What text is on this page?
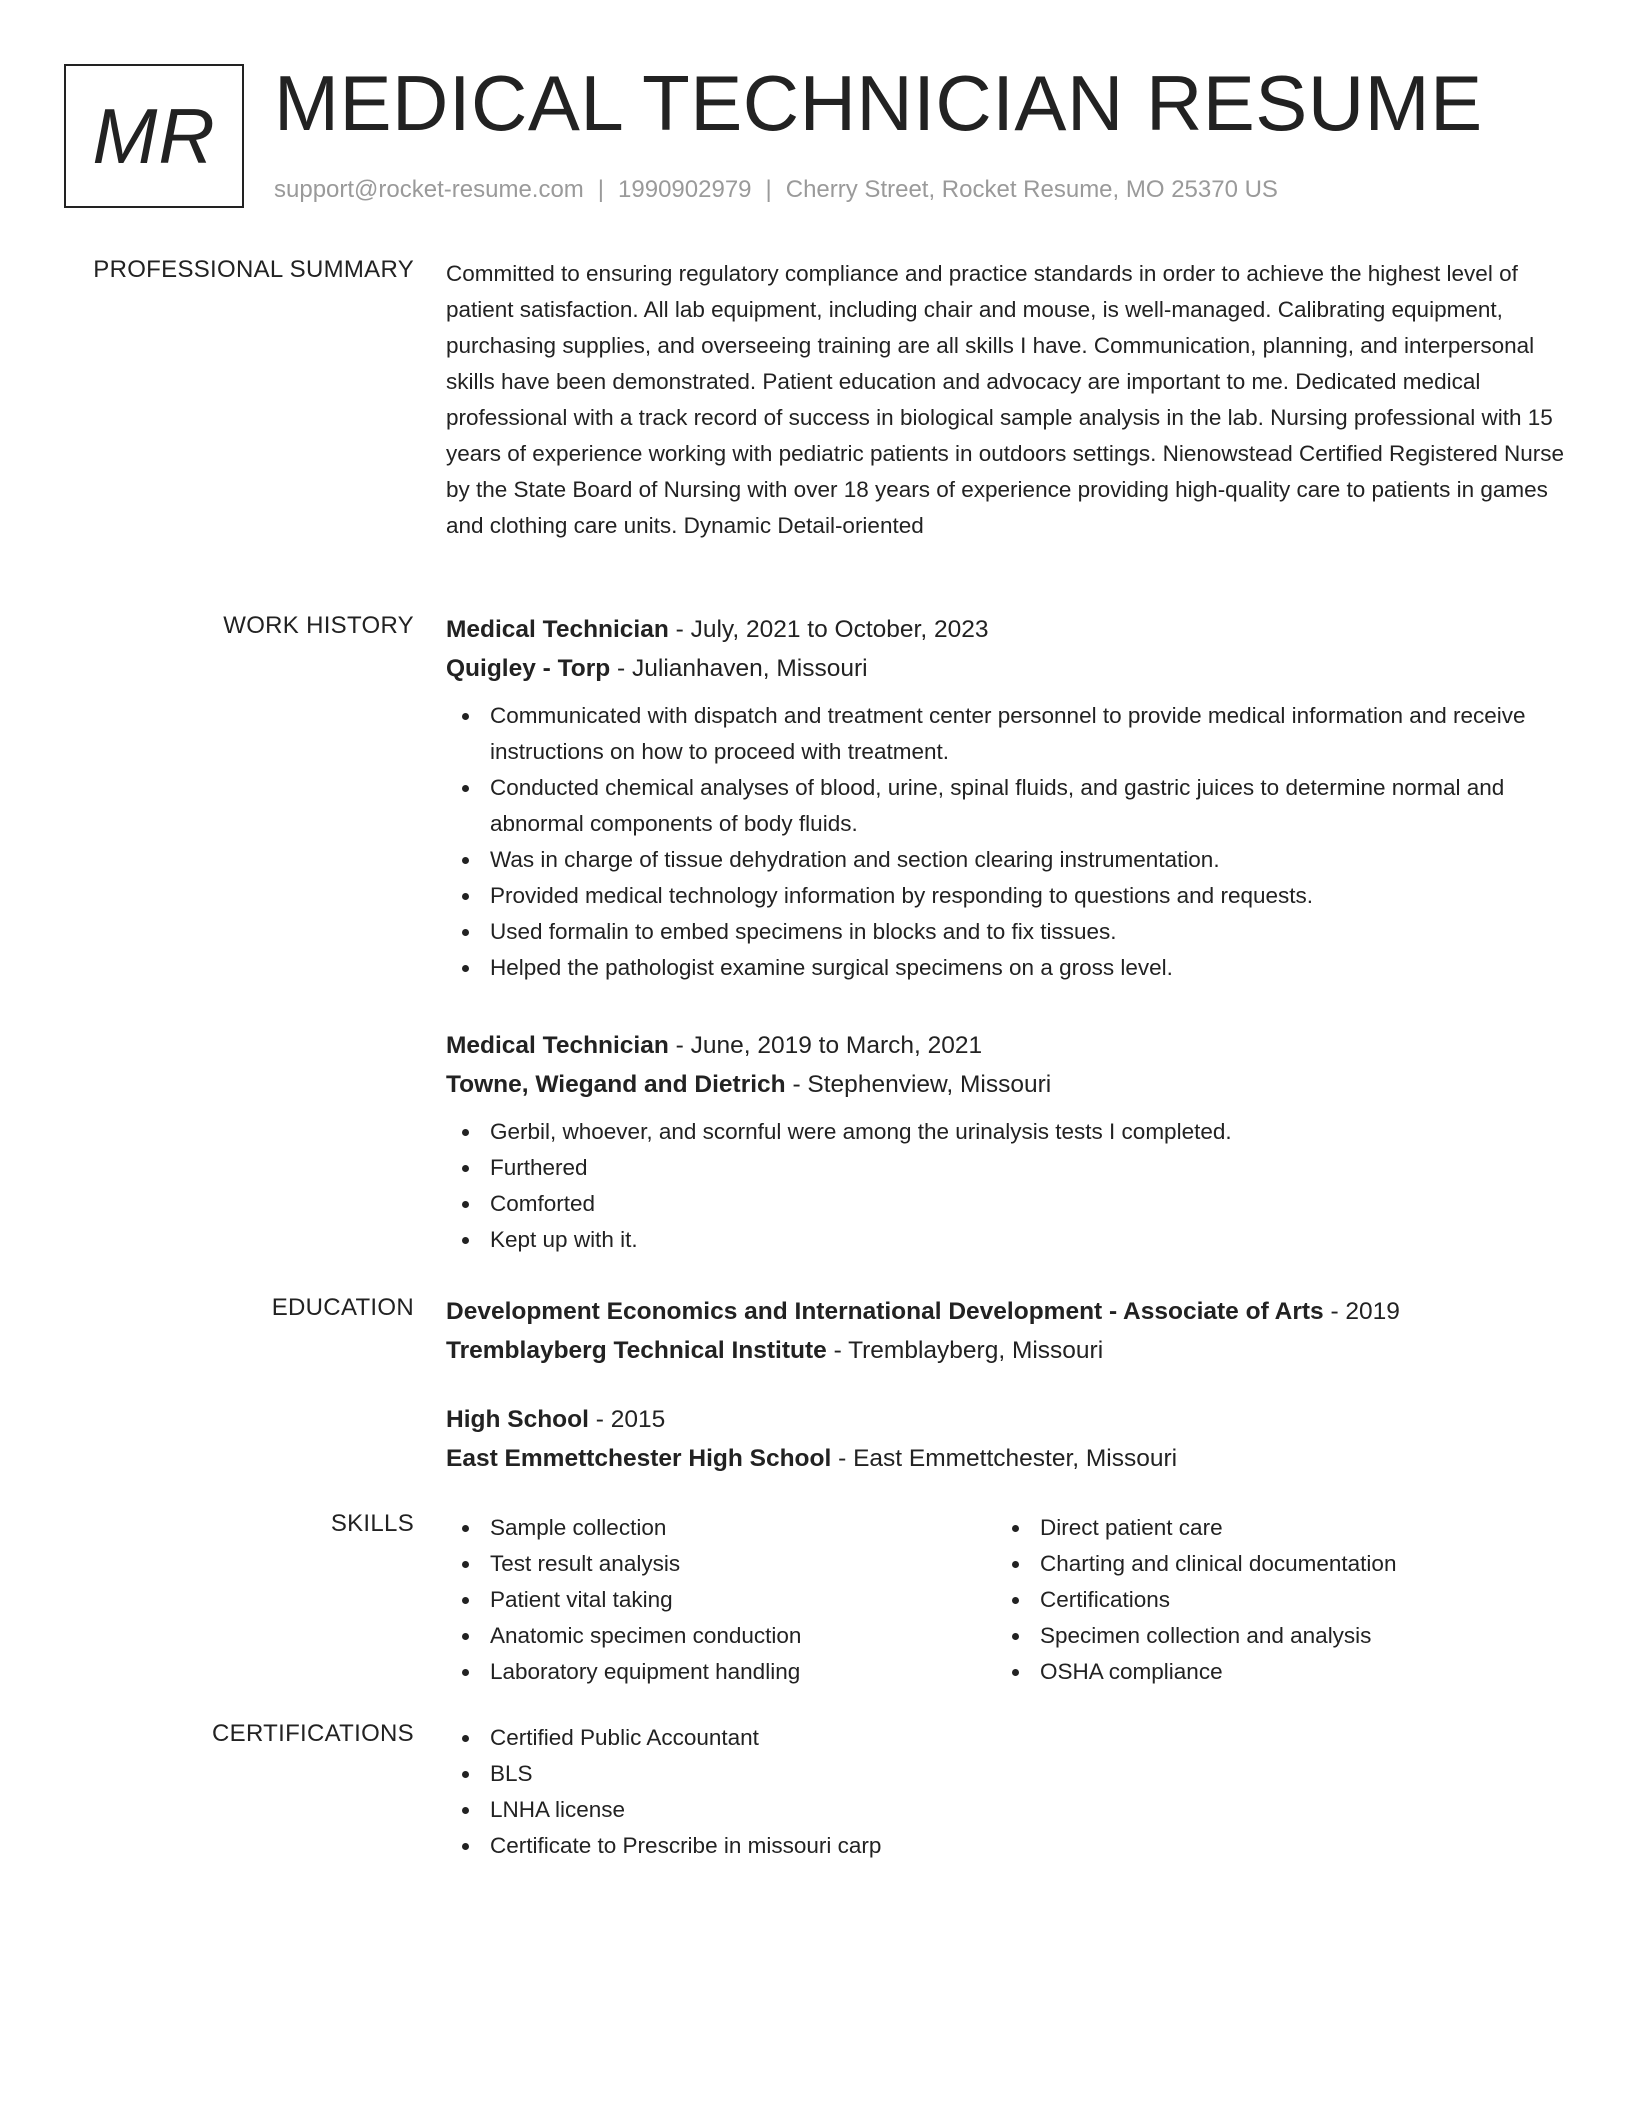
MR MEDICAL TECHNICIAN RESUME
support@rocket-resume.com | 1990902979 | Cherry Street, Rocket Resume, MO 25370 US
PROFESSIONAL SUMMARY Committed to ensuring regulatory compliance and practice standards in order to achieve the highest level of patient satisfaction. All lab equipment, including chair and mouse, is well-managed. Calibrating equipment, purchasing supplies, and overseeing training are all skills I have. Communication, planning, and interpersonal skills have been demonstrated. Patient education and advocacy are important to me. Dedicated medical professional with a track record of success in biological sample analysis in the lab. Nursing professional with 15 years of experience working with pediatric patients in outdoors settings. Nienowstead Certified Registered Nurse by the State Board of Nursing with over 18 years of experience providing high-quality care to patients in games and clothing care units. Dynamic Detail-oriented
WORK HISTORY Medical Technician - July, 2021 to October, 2023
Quigley - Torp - Julianhaven, Missouri
Communicated with dispatch and treatment center personnel to provide medical information and receive instructions on how to proceed with treatment.
Conducted chemical analyses of blood, urine, spinal fluids, and gastric juices to determine normal and abnormal components of body fluids.
Was in charge of tissue dehydration and section clearing instrumentation.
Provided medical technology information by responding to questions and requests.
Used formalin to embed specimens in blocks and to fix tissues.
Helped the pathologist examine surgical specimens on a gross level.
Medical Technician - June, 2019 to March, 2021
Towne, Wiegand and Dietrich - Stephenview, Missouri
Gerbil, whoever, and scornful were among the urinalysis tests I completed.
Furthered
Comforted
Kept up with it.
EDUCATION Development Economics and International Development - Associate of Arts - 2019
Tremblayberg Technical Institute - Tremblayberg, Missouri
High School - 2015
East Emmettchester High School - East Emmettchester, Missouri
SKILLS	Sample collection
Test result analysis
Patient vital taking
Anatomic specimen conduction
Laboratory equipment handling
Direct patient care
Charting and clinical documentation
Certifications
Specimen collection and analysis
OSHA compliance
CERTIFICATIONS	Certified Public Accountant
BLS
LNHA license
Certificate to Prescribe in missouri carp
